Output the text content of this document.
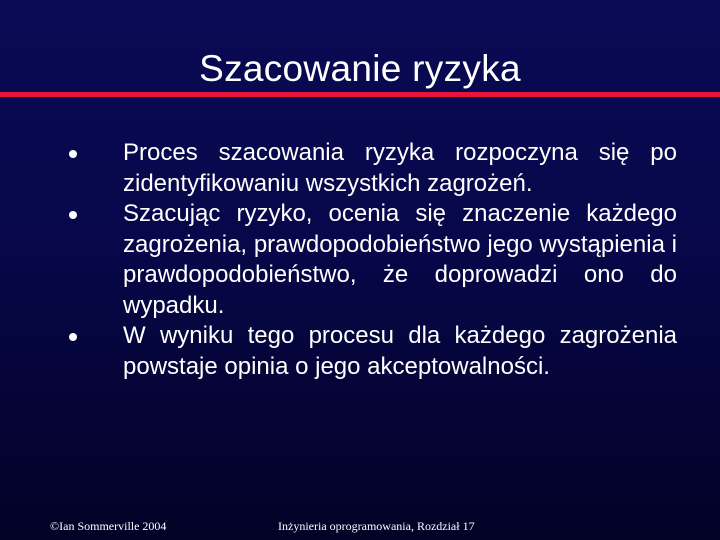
Szacowanie ryzyka
Proces szacowania ryzyka rozpoczyna się po zidentyfikowaniu wszystkich zagrożeń.
Szacując ryzyko, ocenia się znaczenie każdego zagrożenia, prawdopodobieństwo jego wystąpienia i prawdopodobieństwo, że doprowadzi ono do wypadku.
W wyniku tego procesu dla każdego zagrożenia powstaje opinia o jego akceptowalności.
©Ian Sommerville 2004	Inżynieria oprogramowania, Rozdział 17
